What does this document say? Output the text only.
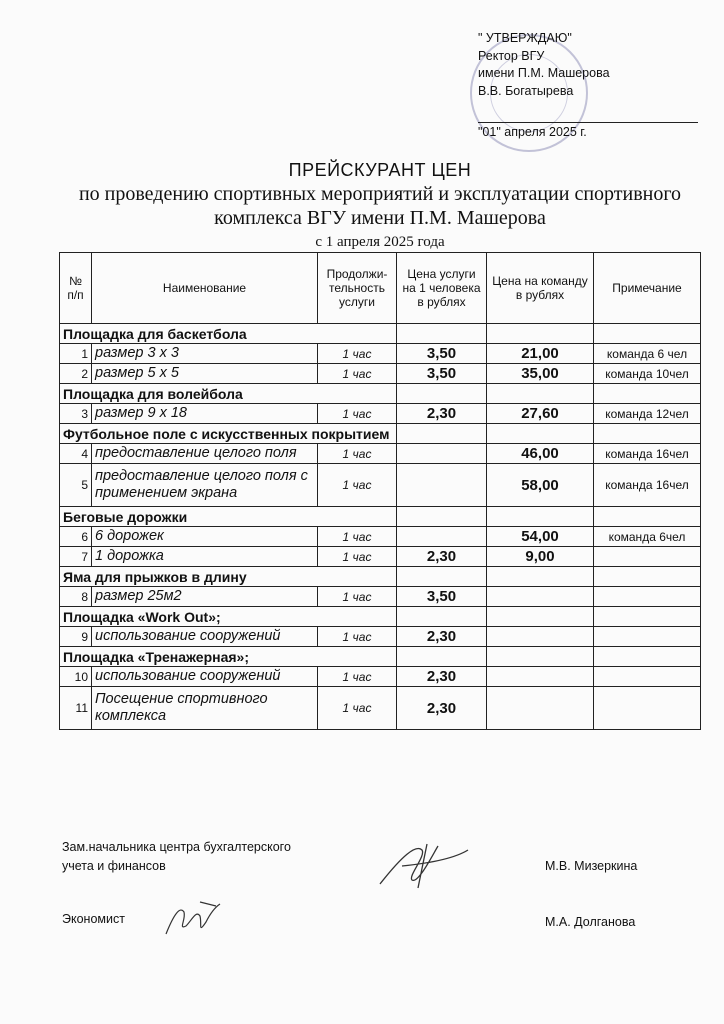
" УТВЕРЖДАЮ"
Ректор ВГУ
имени П.М. Машерова
В.В. Богатырева
"01" апреля 2025 г.
ПРЕЙСКУРАНТ ЦЕН
по проведению спортивных мероприятий и эксплуатации спортивного
комплекса ВГУ имени П.М. Машерова
с 1 апреля 2025 года
№ п/п	Наименование	Продолжи-тельность услуги	Цена услуги на 1 человека в рублях	Цена на команду в рублях	Примечание
Площадка для баскетбола					
1	размер 3 х 3	1 час	3,50	21,00	команда 6 чел
2	размер 5 х 5	1 час	3,50	35,00	команда 10чел
Площадка для волейбола					
3	размер 9 х 18	1 час	2,30	27,60	команда 12чел
Футбольное поле с искусственных покрытием					
4	предоставление целого поля	1 час		46,00	команда 16чел
5	предоставление целого поля с применением экрана	1 час		58,00	команда 16чел
Беговые дорожки					
6	6 дорожек	1 час		54,00	команда 6чел
7	1 дорожка	1 час	2,30	9,00	
Яма для прыжков в длину					
8	размер 25м2	1 час	3,50		
Площадка «Work Out»;					
9	использование сооружений	1 час	2,30		
Площадка «Тренажерная»;					
10	использование сооружений	1 час	2,30		
11	Посещение спортивного комплекса	1 час	2,30		
Зам.начальника центра бухгалтерского
учета и финансов	М.В. Мизеркина
Экономист	М.А. Долганова
